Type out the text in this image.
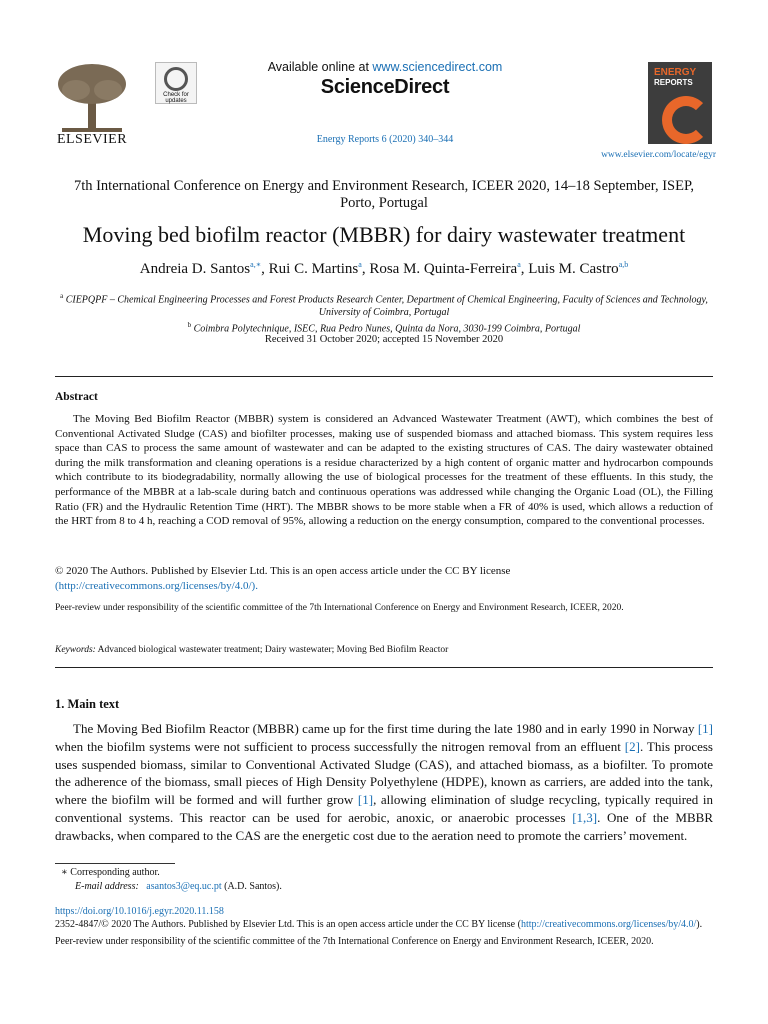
ELSEVIER
Check for updates
Available online at www.sciencedirect.com
ScienceDirect
Energy Reports 6 (2020) 340–344
ENERGY
REPORTS
www.elsevier.com/locate/egyr
7th International Conference on Energy and Environment Research, ICEER 2020, 14–18 September, ISEP, Porto, Portugal
Moving bed biofilm reactor (MBBR) for dairy wastewater treatment
Andreia D. Santos$^{a,∗}$, Rui C. Martins$^a$, Rosa M. Quinta-Ferreira$^a$, Luis M. Castro$^{a,b}$
$^a$ CIEPQPF – Chemical Engineering Processes and Forest Products Research Center, Department of Chemical Engineering, Faculty of Sciences and Technology, University of Coimbra, Portugal
$^b$ Coimbra Polytechnique, ISEC, Rua Pedro Nunes, Quinta da Nora, 3030-199 Coimbra, Portugal
Received 31 October 2020; accepted 15 November 2020
Abstract

The Moving Bed Biofilm Reactor (MBBR) system is considered an Advanced Wastewater Treatment (AWT), which combines the best of Conventional Activated Sludge (CAS) and biofilter processes, making use of suspended biomass and attached biomass. This system requires less space than CAS to process the same amount of wastewater and can be adapted to the existing structures of CAS. The dairy wastewater obtained during the milk transformation and cleaning operations is a residue characterized by a high content of organic matter and hydrocarbon compounds which contribute to its biodegradability, normally allowing the use of biological processes for the treatment of these effluents. In this study, the performance of the MBBR at a lab-scale during batch and continuous operations was addressed while changing the Organic Load (OL), the Filling Ratio (FR) and the Hydraulic Retention Time (HRT). The MBBR shows to be more stable when a FR of 40% is used, which allows a reduction of the HRT from 8 to 4 h, reaching a COD removal of 95%, allowing a reduction on the energy consumption, compared to the conventional processes.

© 2020 The Authors. Published by Elsevier Ltd. This is an open access article under the CC BY license
(http://creativecommons.org/licenses/by/4.0/).
Peer-review under responsibility of the scientific committee of the 7th International Conference on Energy and Environment Research, ICEER, 2020.
Keywords: Advanced biological wastewater treatment; Dairy wastewater; Moving Bed Biofilm Reactor
1. Main text

The Moving Bed Biofilm Reactor (MBBR) came up for the first time during the late 1980 and in early 1990 in Norway [1] when the biofilm systems were not sufficient to process successfully the nitrogen removal from an effluent [2]. This process uses suspended biomass, similar to Conventional Activated Sludge (CAS), and attached biomass, as a biofilter. To promote the adherence of the biomass, small pieces of High Density Polyethylene (HDPE), known as carriers, are added into the tank, where the biofilm will be formed and will further grow [1], allowing elimination of sludge recycling, typically required in conventional systems. This reactor can be used for aerobic, anoxic, or anaerobic processes [1,3]. One of the MBBR drawbacks, when compared to the CAS are the energetic cost due to the aeration need to promote the carriers’ movement.

∗ Corresponding author.
E-mail address: asantos3@eq.uc.pt (A.D. Santos).
https://doi.org/10.1016/j.egyr.2020.11.158
2352-4847/© 2020 The Authors. Published by Elsevier Ltd. This is an open access article under the CC BY license (http://creativecommons.org/licenses/by/4.0/).
Peer-review under responsibility of the scientific committee of the 7th International Conference on Energy and Environment Research, ICEER, 2020.
